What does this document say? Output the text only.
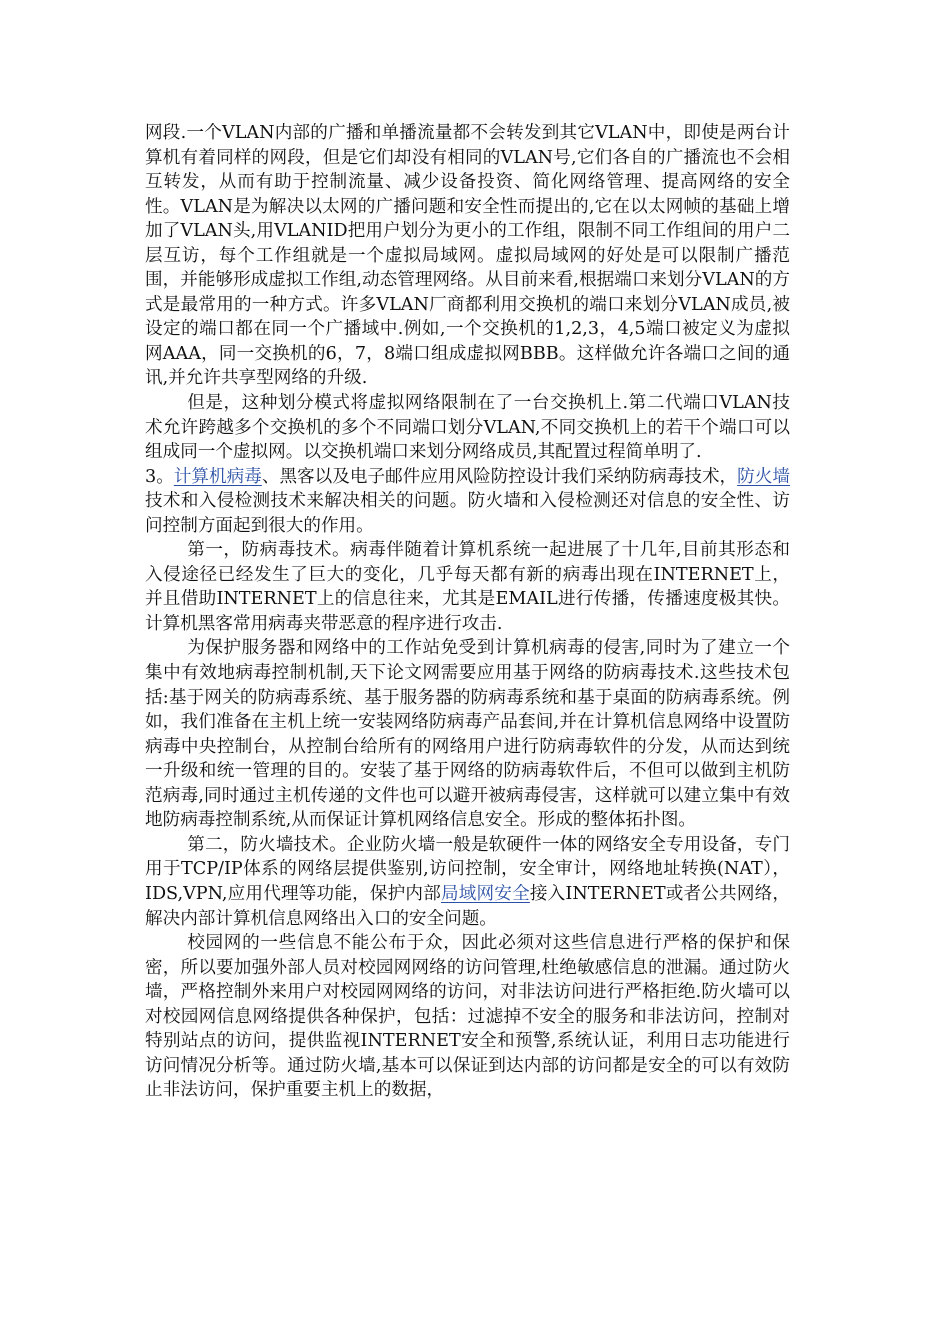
网段.一个VLAN内部的广播和单播流量都不会转发到其它VLAN中，即使是两台计算机有着同样的网段，但是它们却没有相同的VLAN号,它们各自的广播流也不会相互转发，从而有助于控制流量、减少设备投资、简化网络管理、提高网络的安全性。VLAN是为解决以太网的广播问题和安全性而提出的,它在以太网帧的基础上增加了VLAN头,用VLANID把用户划分为更小的工作组，限制不同工作组间的用户二层互访，每个工作组就是一个虚拟局域网。虚拟局域网的好处是可以限制广播范围，并能够形成虚拟工作组,动态管理网络。从目前来看,根据端口来划分VLAN的方式是最常用的一种方式。许多VLAN厂商都利用交换机的端口来划分VLAN成员,被设定的端口都在同一个广播域中.例如,一个交换机的1,2,3，4,5端口被定义为虚拟网AAA，同一交换机的6，7，8端口组成虚拟网BBB。这样做允许各端口之间的通讯,并允许共享型网络的升级.

但是，这种划分模式将虚拟网络限制在了一台交换机上.第二代端口VLAN技术允许跨越多个交换机的多个不同端口划分VLAN,不同交换机上的若干个端口可以组成同一个虚拟网。以交换机端口来划分网络成员,其配置过程简单明了.

3。计算机病毒、黑客以及电子邮件应用风险防控设计我们采纳防病毒技术，防火墙技术和入侵检测技术来解决相关的问题。防火墙和入侵检测还对信息的安全性、访问控制方面起到很大的作用。

第一，防病毒技术。病毒伴随着计算机系统一起进展了十几年,目前其形态和入侵途径已经发生了巨大的变化，几乎每天都有新的病毒出现在INTERNET上，并且借助INTERNET上的信息往来，尤其是EMAIL进行传播，传播速度极其快。计算机黑客常用病毒夹带恶意的程序进行攻击.

为保护服务器和网络中的工作站免受到计算机病毒的侵害,同时为了建立一个集中有效地病毒控制机制,天下论文网需要应用基于网络的防病毒技术.这些技术包括:基于网关的防病毒系统、基于服务器的防病毒系统和基于桌面的防病毒系统。例如，我们准备在主机上统一安装网络防病毒产品套间,并在计算机信息网络中设置防病毒中央控制台，从控制台给所有的网络用户进行防病毒软件的分发，从而达到统一升级和统一管理的目的。安装了基于网络的防病毒软件后，不但可以做到主机防范病毒,同时通过主机传递的文件也可以避开被病毒侵害，这样就可以建立集中有效地防病毒控制系统,从而保证计算机网络信息安全。形成的整体拓扑图。

第二，防火墙技术。企业防火墙一般是软硬件一体的网络安全专用设备，专门用于TCP/IP体系的网络层提供鉴别,访问控制，安全审计，网络地址转换(NAT），IDS,VPN,应用代理等功能，保护内部局域网安全接入INTERNET或者公共网络，解决内部计算机信息网络出入口的安全问题。

校园网的一些信息不能公布于众，因此必须对这些信息进行严格的保护和保密，所以要加强外部人员对校园网网络的访问管理,杜绝敏感信息的泄漏。通过防火墙，严格控制外来用户对校园网网络的访问，对非法访问进行严格拒绝.防火墙可以对校园网信息网络提供各种保护，包括：过滤掉不安全的服务和非法访问，控制对特别站点的访问，提供监视INTERNET安全和预警,系统认证，利用日志功能进行访问情况分析等。通过防火墙,基本可以保证到达内部的访问都是安全的可以有效防止非法访问，保护重要主机上的数据，
